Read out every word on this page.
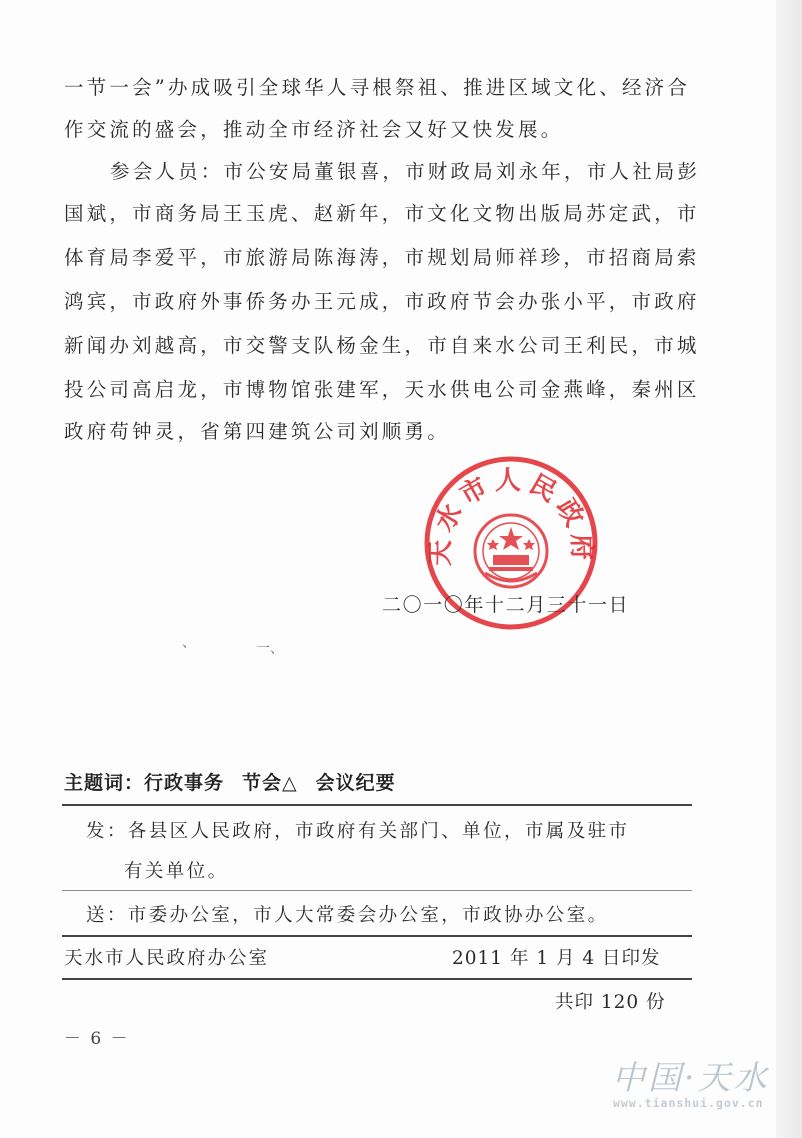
一节一会”办成吸引全球华人寻根祭祖、推进区域文化、经济合
作交流的盛会，推动全市经济社会又好又快发展。
参会人员：市公安局董银喜，市财政局刘永年，市人社局彭
国斌，市商务局王玉虎、赵新年，市文化文物出版局苏定武，市
体育局李爱平，市旅游局陈海涛，市规划局师祥珍，市招商局索
鸿宾，市政府外事侨务办王元成，市政府节会办张小平，市政府
新闻办刘越高，市交警支队杨金生，市自来水公司王利民，市城
投公司高启龙，市博物馆张建军，天水供电公司金燕峰，秦州区
政府苟钟灵，省第四建筑公司刘顺勇。
天水市人民政府
二〇一〇年十二月三十一日
、	一、
主题词：行政事务 节会△ 会议纪要
发：各县区人民政府，市政府有关部门、单位，市属及驻市
有关单位。
送：市委办公室，市人大常委会办公室，市政协办公室。
天水市人民政府办公室	2011 年 1 月 4 日印发
共印 120 份
－ 6 －
中国·天水
www.tianshui.gov.cn
